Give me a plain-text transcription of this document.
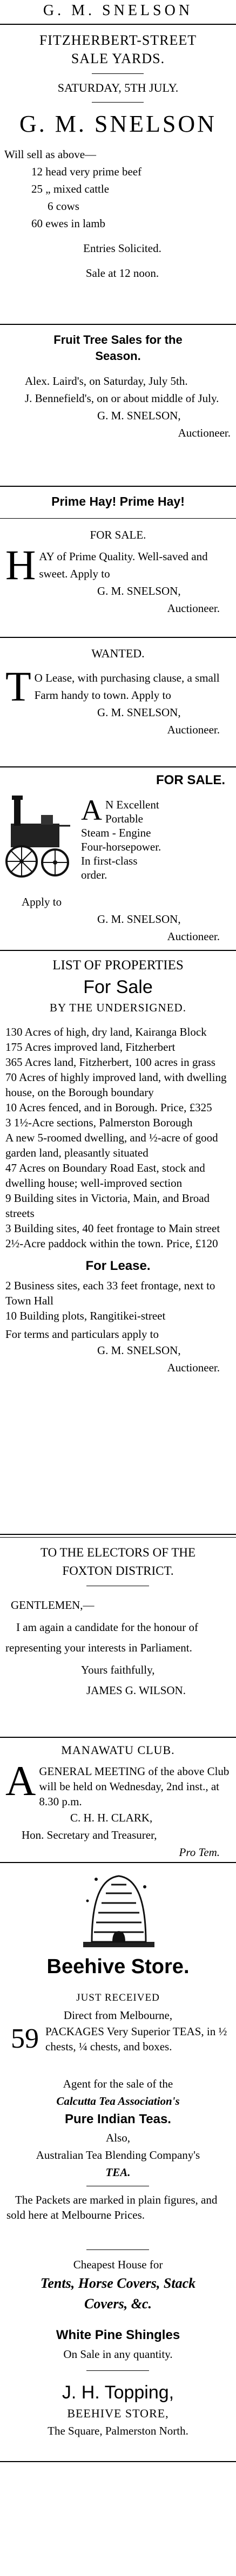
G. M. SNELSON
FITZHERBERT-STREET
SALE YARDS.
SATURDAY, 5TH JULY.
G. M. SNELSON
Will sell as above—
12 head very prime beef
25 „ mixed cattle
6 cows
60 ewes in lamb
Entries Solicited.
Sale at 12 noon.
Fruit Tree Sales for the
Season.
Alex. Laird's, on Saturday, July 5th.
J. Bennefield's, on or about middle of July.
G. M. SNELSON,
Auctioneer.
Prime Hay! Prime Hay!
FOR SALE.
H AY of Prime Quality. Well-saved and sweet. Apply to
G. M. SNELSON,
Auctioneer.
WANTED.
T O Lease, with purchasing clause, a small Farm handy to town. Apply to
G. M. SNELSON,
Auctioneer.
FOR SALE.
A N Excellent
Portable
Steam - Engine
Four-horsepower.
In first-class
order.
Apply to
G. M. SNELSON,
Auctioneer.
LIST OF PROPERTIES
For Sale
BY THE UNDERSIGNED.
130 Acres of high, dry land, Kairanga Block
175 Acres improved land, Fitzherbert
365 Acres land, Fitzherbert, 100 acres in grass
70 Acres of highly improved land, with dwelling house, on the Borough boundary
10 Acres fenced, and in Borough. Price, £325
3 1½-Acre sections, Palmerston Borough
A new 5-roomed dwelling, and ½-acre of good garden land, pleasantly situated
47 Acres on Boundary Road East, stock and dwelling house; well-improved section
9 Building sites in Victoria, Main, and Broad streets
3 Building sites, 40 feet frontage to Main street
2½-Acre paddock within the town. Price, £120
For Lease.
2 Business sites, each 33 feet frontage, next to Town Hall
10 Building plots, Rangitikei-street
For terms and particulars apply to
G. M. SNELSON,
Auctioneer.
TO THE ELECTORS OF THE
FOXTON DISTRICT.
GENTLEMEN,—
I am again a candidate for the honour of representing your interests in Parliament.
Yours faithfully,
JAMES G. WILSON.
MANAWATU CLUB.
A GENERAL MEETING of the above Club will be held on Wednesday, 2nd inst., at 8.30 p.m.
C. H. H. CLARK,
Hon. Secretary and Treasurer,
Pro Tem.
Beehive Store.
JUST RECEIVED
Direct from Melbourne,
59 PACKAGES Very Superior TEAS, in ½ chests, ¼ chests, and boxes.
Agent for the sale of the
Calcutta Tea Association's
Pure Indian Teas.
Also,
Australian Tea Blending Company's
TEA.
The Packets are marked in plain figures, and sold here at Melbourne Prices.
Cheapest House for
Tents, Horse Covers, Stack
Covers, &c.
White Pine Shingles
On Sale in any quantity.
J. H. Topping,
BEEHIVE STORE,
The Square, Palmerston North.
